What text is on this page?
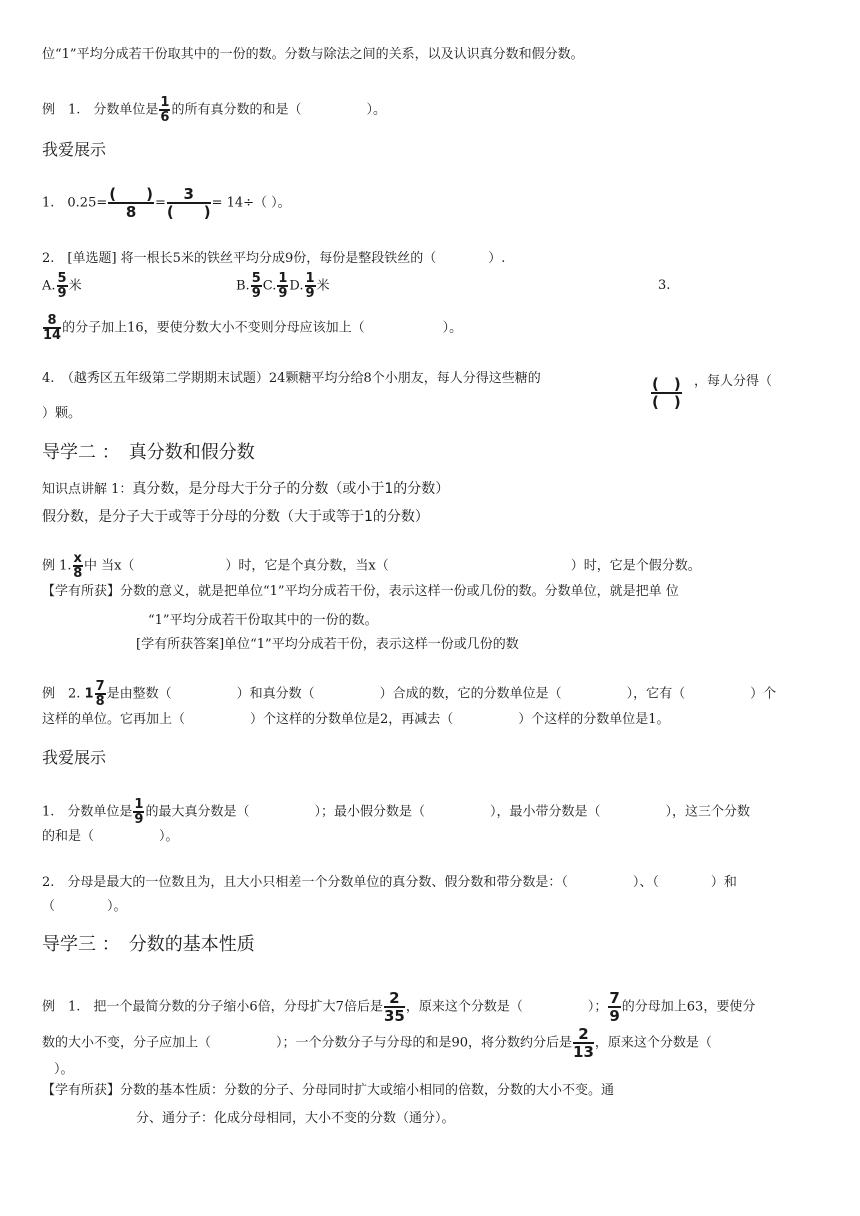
位“1”平均分成若干份取其中的一份的数。分数与除法之间的关系，以及认识真分数和假分数。
例　1.　分数单位是 $\frac{1}{6}$ 的所有真分数的和是（　　　　　）。
我爱展示
1.　$0.25= \frac{( )}{8} = \frac{3}{( )} = 14\div$（ ）。
2.　[单选题] 将一根长5米的铁丝平均分成9份，每份是整段铁丝的（　　　　）.
A. $\frac{5}{9}$ 米	B. $\frac{5}{9} C$. $\frac{1}{9} D$. $\frac{1}{9}$ 米	3.
$\frac{8}{14}$ 的分子加上16，要使分数大小不变则分母应该加上（　　　　　　）。
4.　（越秀区五年级第二学期期末试题）24颗糖平均分给8个小朋友，每人分得这些糖的	$\frac{( )}{( )}$ ，每人分得（
）颗。
导学二 ：　真分数和假分数
知识点讲解 1：真分数，是分母大于分子的分数（或小于1的分数）
假分数，是分子大于或等于分母的分数（大于或等于1的分数）
例 1. $\frac{x}{8}$ 中 当x（　　　　　　　）时，它是个真分数，当x（　　　　　　　　　　　　　　）时，它是个假分数。
【学有所获】分数的意义，就是把单位“1”平均分成若干份，表示这样一份或几份的数。分数单位，就是把单 位
“1”平均分成若干份取其中的一份的数。
[学有所获答案]单位“1”平均分成若干份，表示这样一份或几份的数
例　2. $1 \frac{7}{8}$ 是由整数（　　　　　）和真分数（　　　　　）合成的数，它的分数单位是（　　　　　），它有（　　　　　）个
这样的单位。它再加上（　　　　　）个这样的分数单位是2，再减去（　　　　　）个这样的分数单位是1。
我爱展示
1.　分数单位是 $\frac{1}{9}$ 的最大真分数是（　　　　　）；最小假分数是（　　　　　），最小带分数是（　　　　　），这三个分数
的和是（　　　　　）。
2.　分母是最大的一位数且为，且大小只相差一个分数单位的真分数、假分数和带分数是：（　　　　　）、（　　　　）和
（　　　　）。
导学三 ：　分数的基本性质
例　1.　把一个最简分数的分子缩小6倍，分母扩大7倍后是 $\frac{2}{35}$ ，原来这个分数是（　　　　　）； $\frac{7}{9}$ 的分母加上63，要使分
数的大小不变，分子应加上（　　　　　）；一个分数分子与分母的和是90，将分数约分后是 $\frac{2}{13}$ ，原来这个分数是（
）。
【学有所获】分数的基本性质：分数的分子、分母同时扩大或缩小相同的倍数，分数的大小不变。通
分、通分子：化成分母相同，大小不变的分数（通分）。
